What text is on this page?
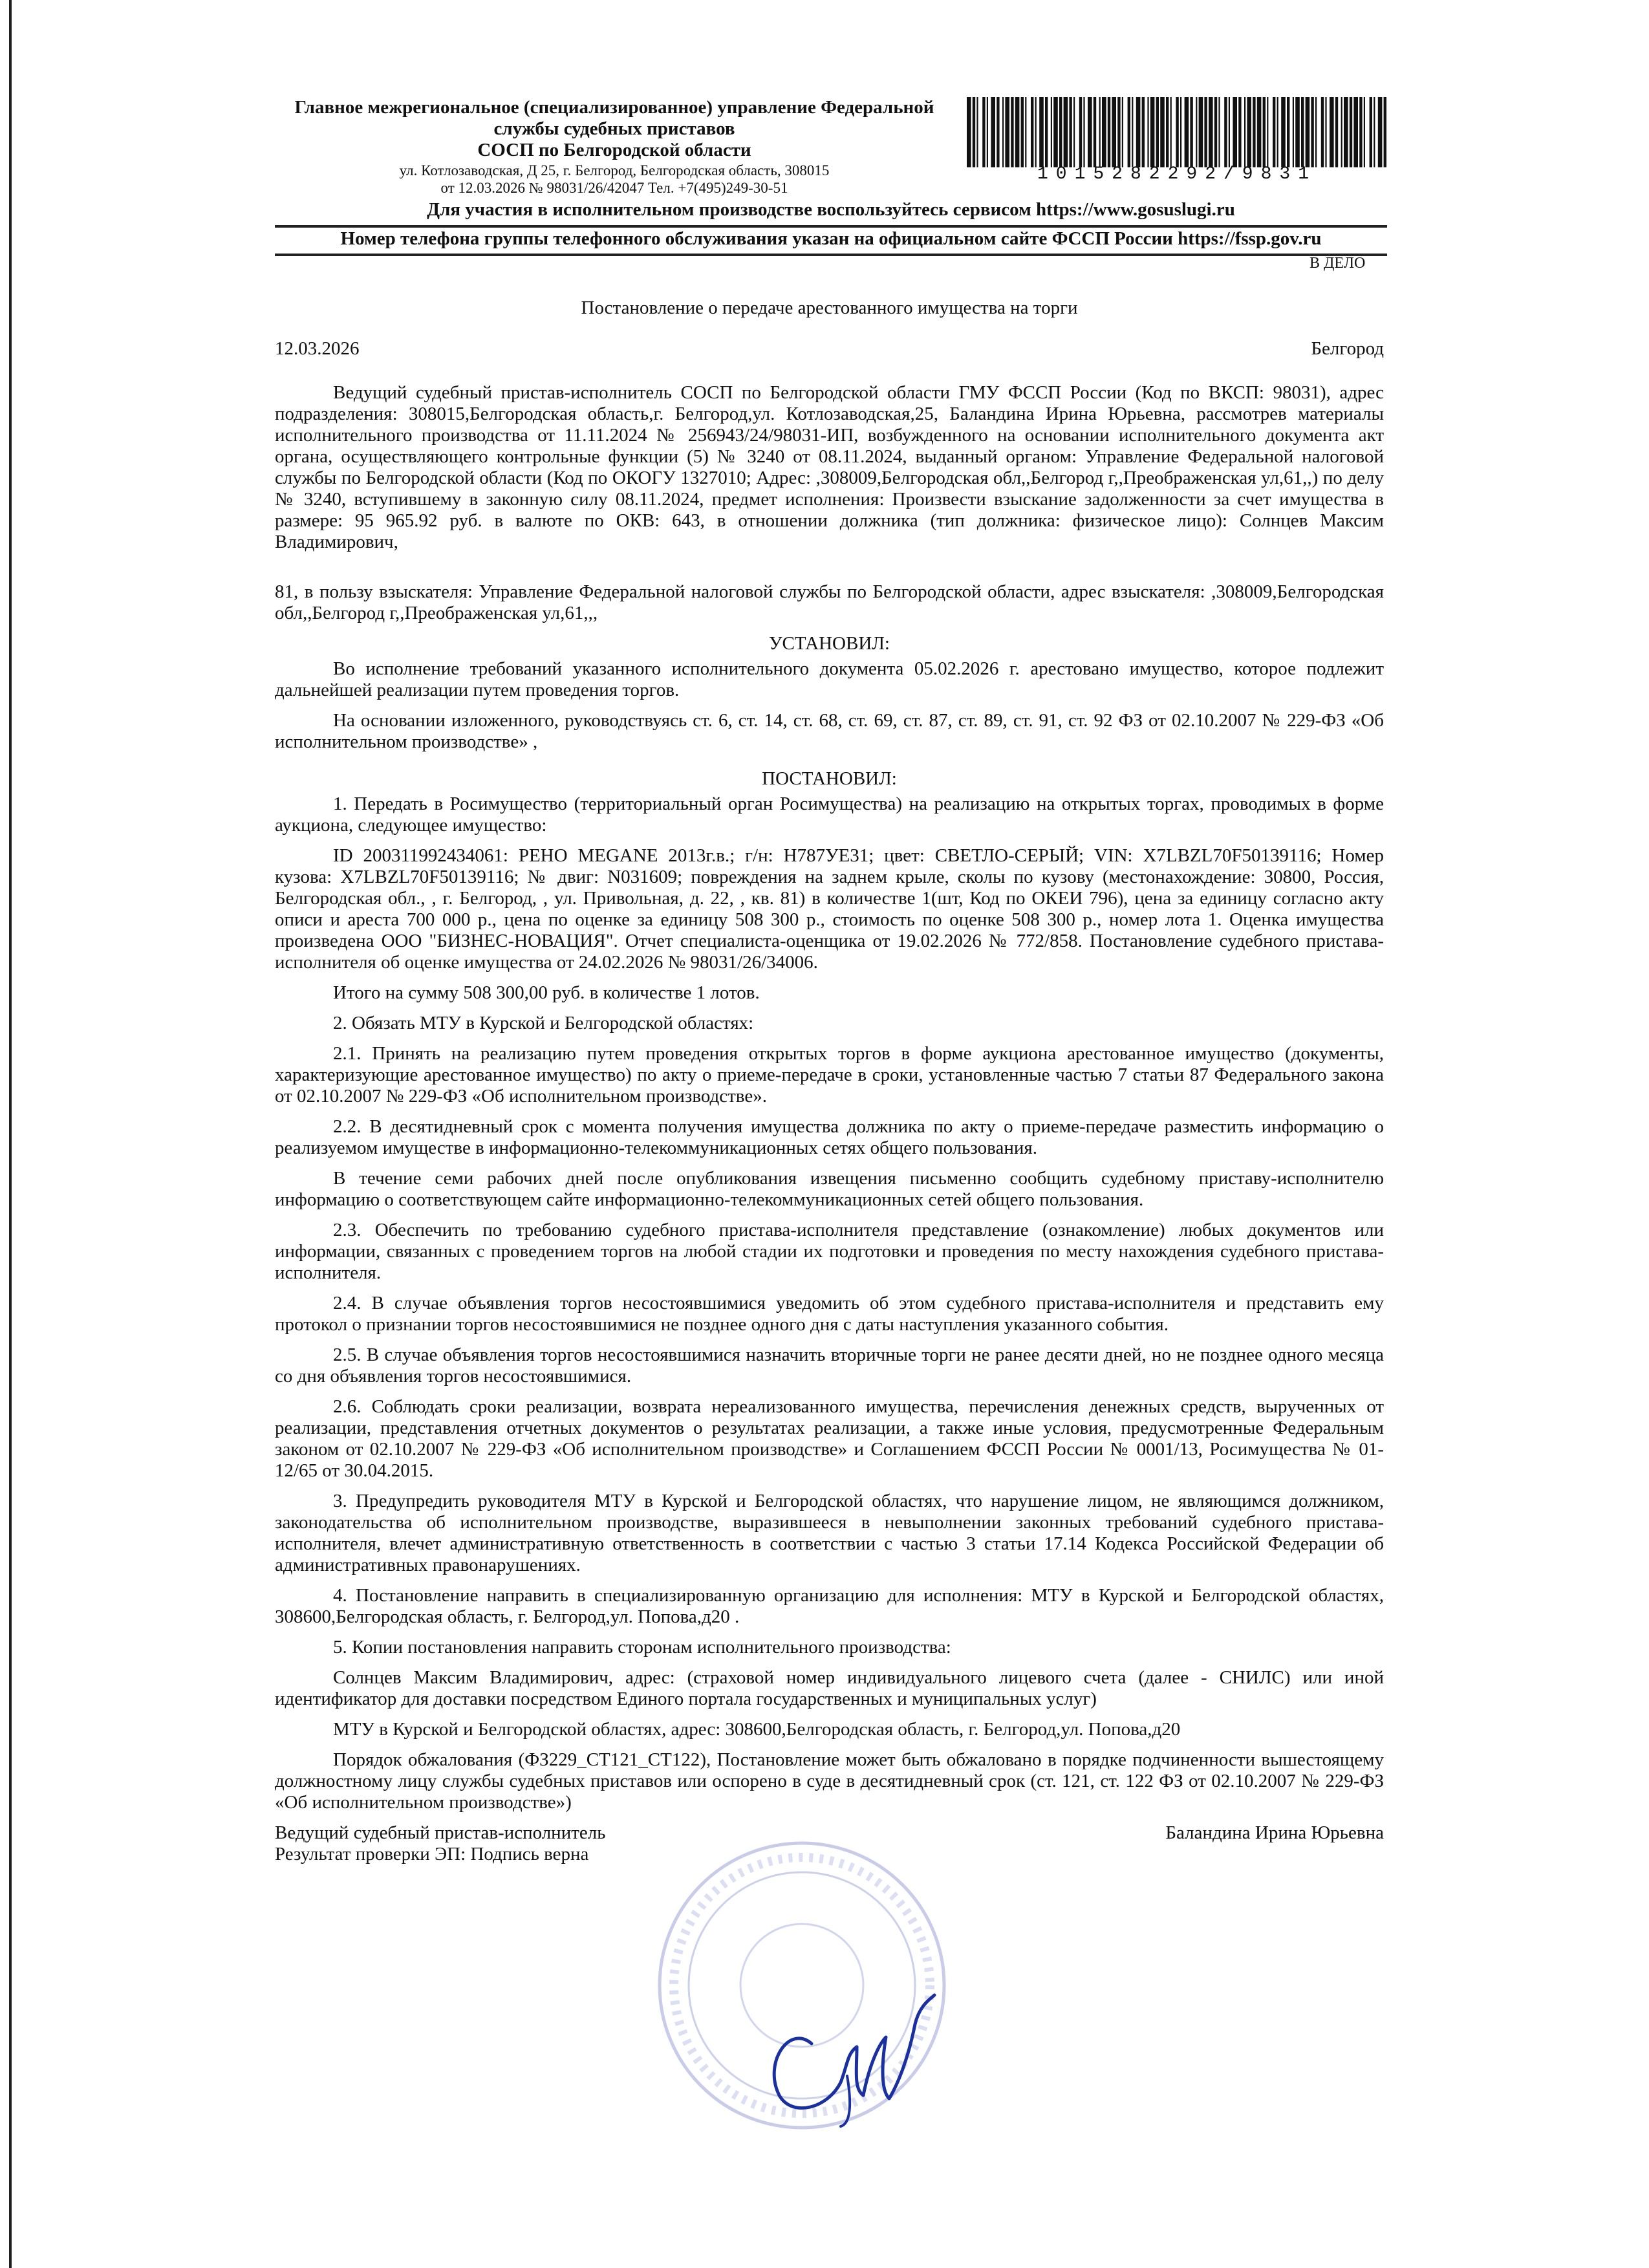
Главное межрегиональное (специализированное) управление Федеральной
службы судебных приставов
СОСП по Белгородской области
ул. Котлозаводская, Д 25, г. Белгород, Белгородская область, 308015
от 12.03.2026 № 98031/26/42047 Тел. +7(495)249-30-51
1015282292/9831
Для участия в исполнительном производстве воспользуйтесь сервисом https://www.gosuslugi.ru
Номер телефона группы телефонного обслуживания указан на официальном сайте ФССП России https://fssp.gov.ru
В ДЕЛО
Постановление о передаче арестованного имущества на торги
12.03.2026	Белгород

Ведущий судебный пристав-исполнитель СОСП по Белгородской области ГМУ ФССП России (Код по ВКСП: 98031), адрес подразделения: 308015,Белгородская область,г. Белгород,ул. Котлозаводская,25, Баландина Ирина Юрьевна, рассмотрев материалы исполнительного производства от 11.11.2024 № 256943/24/98031-ИП, возбужденного на основании исполнительного документа акт органа, осуществляющего контрольные функции (5) № 3240 от 08.11.2024, выданный органом: Управление Федеральной налоговой службы по Белгородской области (Код по ОКОГУ 1327010; Адрес: ,308009,Белгородская обл,,Белгород г,,Преображенская ул,61,,) по делу № 3240, вступившему в законную силу 08.11.2024, предмет исполнения: Произвести взыскание задолженности за счет имущества в размере: 95 965.92 руб. в валюте по ОКВ: 643, в отношении должника (тип должника: физическое лицо): Солнцев Максим Владимирович,

81, в пользу взыскателя: Управление Федеральной налоговой службы по Белгородской области, адрес взыскателя: ,308009,Белгородская обл,,Белгород г,,Преображенская ул,61,,,

УСТАНОВИЛ:

Во исполнение требований указанного исполнительного документа 05.02.2026 г. арестовано имущество, которое подлежит дальнейшей реализации путем проведения торгов.

На основании изложенного, руководствуясь ст. 6, ст. 14, ст. 68, ст. 69, ст. 87, ст. 89, ст. 91, ст. 92 ФЗ от 02.10.2007 № 229-ФЗ «Об исполнительном производстве» ,

ПОСТАНОВИЛ:

1. Передать в Росимущество (территориальный орган Росимущества) на реализацию на открытых торгах, проводимых в форме аукциона, следующее имущество:

ID 200311992434061: РЕНО MEGANE 2013г.в.; г/н: Н787УЕ31; цвет: СВЕТЛО-СЕРЫЙ; VIN: X7LBZL70F50139116; Номер кузова: X7LBZL70F50139116; № двиг: N031609; повреждения на заднем крыле, сколы по кузову (местонахождение: 30800, Россия, Белгородская обл., , г. Белгород, , ул. Привольная, д. 22, , кв. 81) в количестве 1(шт, Код по ОКЕИ 796), цена за единицу согласно акту описи и ареста 700 000 р., цена по оценке за единицу 508 300 р., стоимость по оценке 508 300 р., номер лота 1. Оценка имущества произведена ООО "БИЗНЕС-НОВАЦИЯ". Отчет специалиста-оценщика от 19.02.2026 № 772/858. Постановление судебного пристава-исполнителя об оценке имущества от 24.02.2026 № 98031/26/34006.

Итого на сумму 508 300,00 руб. в количестве 1 лотов.

2. Обязать МТУ в Курской и Белгородской областях:

2.1. Принять на реализацию путем проведения открытых торгов в форме аукциона арестованное имущество (документы, характеризующие арестованное имущество) по акту о приеме-передаче в сроки, установленные частью 7 статьи 87 Федерального закона от 02.10.2007 № 229-ФЗ «Об исполнительном производстве».

2.2. В десятидневный срок с момента получения имущества должника по акту о приеме-передаче разместить информацию о реализуемом имуществе в информационно-телекоммуникационных сетях общего пользования.

В течение семи рабочих дней после опубликования извещения письменно сообщить судебному приставу-исполнителю информацию о соответствующем сайте информационно-телекоммуникационных сетей общего пользования.

2.3. Обеспечить по требованию судебного пристава-исполнителя представление (ознакомление) любых документов или информации, связанных с проведением торгов на любой стадии их подготовки и проведения по месту нахождения судебного пристава-исполнителя.

2.4. В случае объявления торгов несостоявшимися уведомить об этом судебного пристава-исполнителя и представить ему протокол о признании торгов несостоявшимися не позднее одного дня с даты наступления указанного события.

2.5. В случае объявления торгов несостоявшимися назначить вторичные торги не ранее десяти дней, но не позднее одного месяца со дня объявления торгов несостоявшимися.

2.6. Соблюдать сроки реализации, возврата нереализованного имущества, перечисления денежных средств, вырученных от реализации, представления отчетных документов о результатах реализации, а также иные условия, предусмотренные Федеральным законом от 02.10.2007 № 229-ФЗ «Об исполнительном производстве» и Соглашением ФССП России № 0001/13, Росимущества № 01-12/65 от 30.04.2015.

3. Предупредить руководителя МТУ в Курской и Белгородской областях, что нарушение лицом, не являющимся должником, законодательства об исполнительном производстве, выразившееся в невыполнении законных требований судебного пристава-исполнителя, влечет административную ответственность в соответствии с частью 3 статьи 17.14 Кодекса Российской Федерации об административных правонарушениях.

4. Постановление направить в специализированную организацию для исполнения: МТУ в Курской и Белгородской областях, 308600,Белгородская область, г. Белгород,ул. Попова,д20 .

5. Копии постановления направить сторонам исполнительного производства:

Солнцев Максим Владимирович, адрес: (страховой номер индивидуального лицевого счета (далее - СНИЛС) или иной идентификатор для доставки посредством Единого портала государственных и муниципальных услуг)

МТУ в Курской и Белгородской областях, адрес: 308600,Белгородская область, г. Белгород,ул. Попова,д20

Порядок обжалования (ФЗ229_СТ121_СТ122), Постановление может быть обжаловано в порядке подчиненности вышестоящему должностному лицу службы судебных приставов или оспорено в суде в десятидневный срок (ст. 121, ст. 122 ФЗ от 02.10.2007 № 229-ФЗ «Об исполнительном производстве»)

Ведущий судебный пристав-исполнитель	Баландина Ирина Юрьевна
Результат проверки ЭП: Подпись верна
